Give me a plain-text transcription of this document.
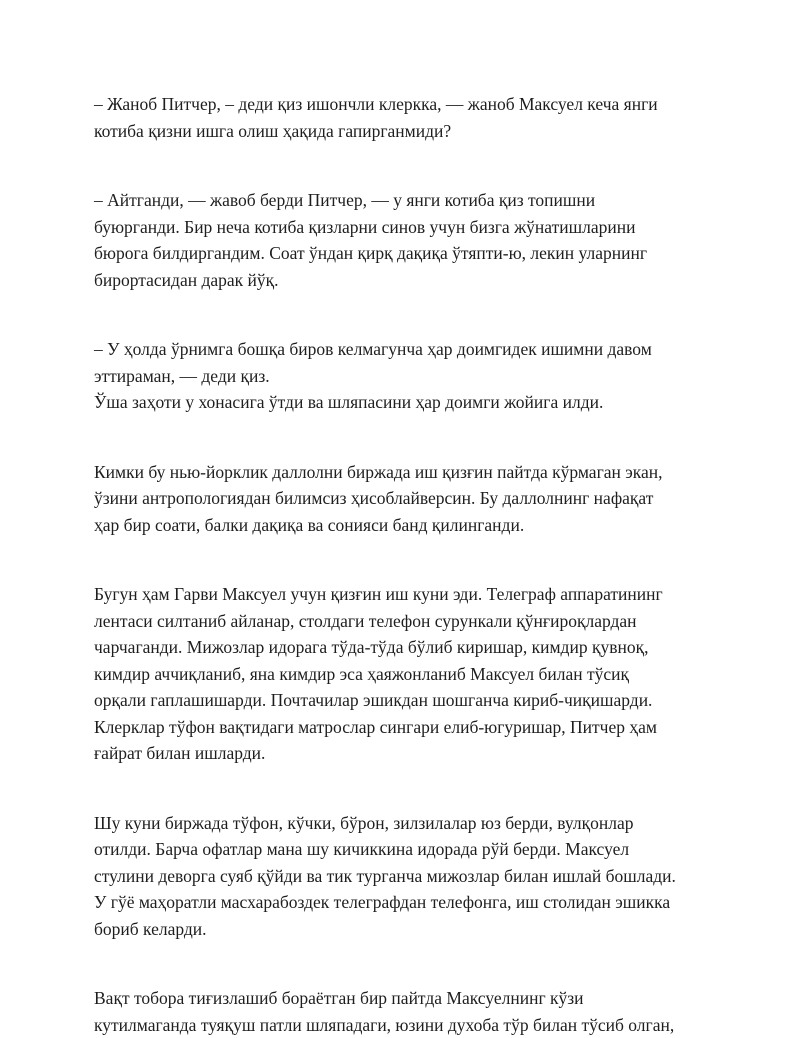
– Жаноб Питчер, – деди қиз ишончли клеркка, — жаноб Максуел кеча янги
котиба қизни ишга олиш ҳақида гапирганмиди?

– Айтганди, — жавоб берди Питчер, — у янги котиба қиз топишни
буюрганди. Бир неча котиба қизларни синов учун бизга жўнатишларини
бюрога билдиргандим. Соат ўндан қирқ дақиқа ўтяпти-ю, лекин уларнинг
бирортасидан дарак йўқ.

– У ҳолда ўрнимга бошқа биров келмагунча ҳар доимгидек ишимни давом
эттираман, — деди қиз.
Ўша заҳоти у хонасига ўтди ва шляпасини ҳар доимги жойига илди.

Кимки бу нью-йорклик даллолни биржада иш қизғин пайтда кўрмаган экан,
ўзини антропологиядан билимсиз ҳисоблайверсин. Бу даллолнинг нафақат
ҳар бир соати, балки дақиқа ва сонияси банд қилинганди.

Бугун ҳам Гарви Максуел учун қизғин иш куни эди. Телеграф аппаратининг
лентаси силтаниб айланар, столдаги телефон сурункали қўнғироқлардан
чарчаганди. Мижозлар идорага тўда-тўда бўлиб киришар, кимдир қувноқ,
кимдир аччиқланиб, яна кимдир эса ҳаяжонланиб Максуел билан тўсиқ
орқали гаплашишарди. Почтачилар эшикдан шошганча кириб-чиқишарди.
Клерклар тўфон вақтидаги матрослар сингари елиб-югуришар, Питчер ҳам
ғайрат билан ишларди.

Шу куни биржада тўфон, кўчки, бўрон, зилзилалар юз берди, вулқонлар
отилди. Барча офатлар мана шу кичиккина идорада рўй берди. Максуел
стулини деворга суяб қўйди ва тик турганча мижозлар билан ишлай бошлади.
У гўё маҳоратли масхарабоздек телеграфдан телефонга, иш столидан эшикка
бориб келарди.

Вақт тобора тиғизлашиб бораётган бир пайтда Максуелнинг кўзи
кутилмаганда туяқуш патли шляпадаги, юзини духоба тўр билан тўсиб олган,
